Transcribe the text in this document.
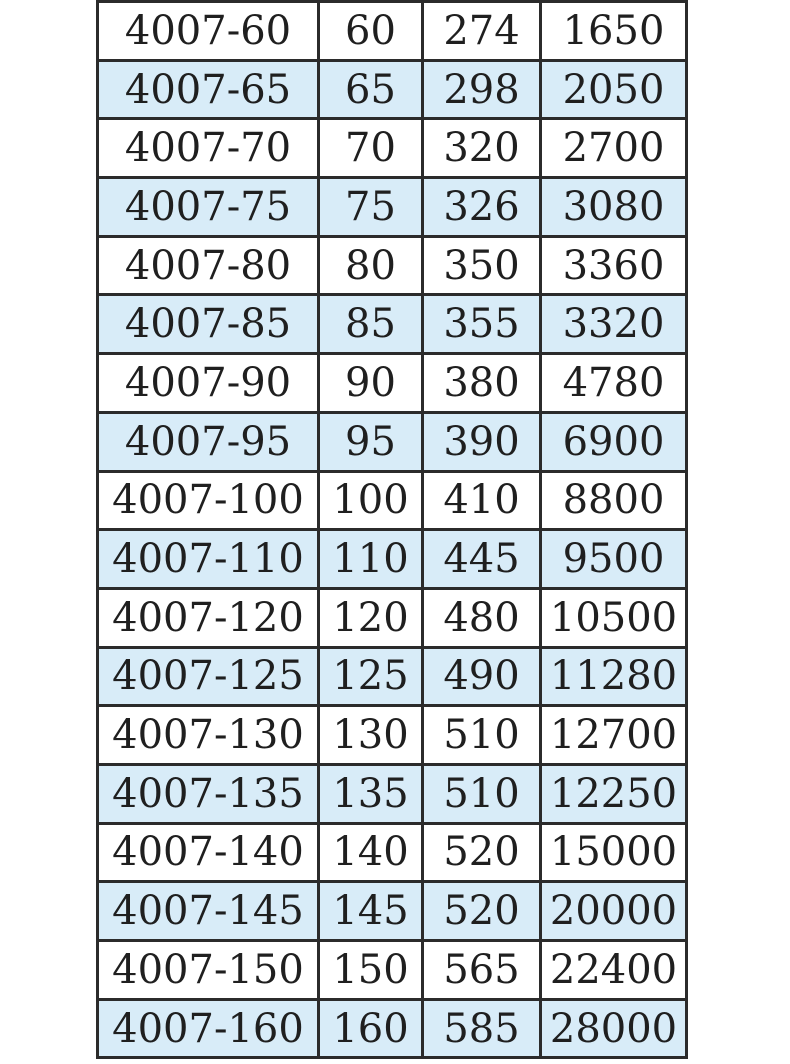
4007-60	60	274	1650
4007-65	65	298	2050
4007-70	70	320	2700
4007-75	75	326	3080
4007-80	80	350	3360
4007-85	85	355	3320
4007-90	90	380	4780
4007-95	95	390	6900
4007-100	100	410	8800
4007-110	110	445	9500
4007-120	120	480	10500
4007-125	125	490	11280
4007-130	130	510	12700
4007-135	135	510	12250
4007-140	140	520	15000
4007-145	145	520	20000
4007-150	150	565	22400
4007-160	160	585	28000
